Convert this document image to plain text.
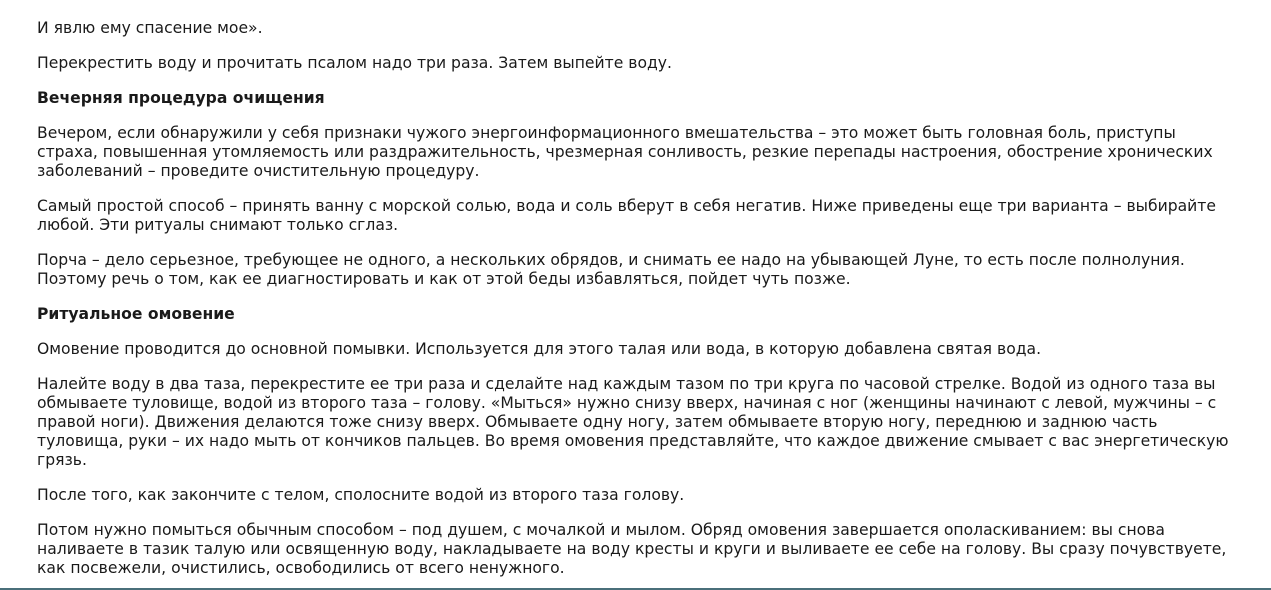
И явлю ему спасение мое».

Перекрестить воду и прочитать псалом надо три раза. Затем выпейте воду.

Вечерняя процедура очищения

Вечером, если обнаружили у себя признаки чужого энергоинформационного вмешательства – это может быть головная боль, приступы страха, повышенная утомляемость или раздражительность, чрезмерная сонливость, резкие перепады настроения, обострение хронических заболеваний – проведите очистительную процедуру.

Самый простой способ – принять ванну с морской солью, вода и соль вберут в себя негатив. Ниже приведены еще три варианта – выбирайте любой. Эти ритуалы снимают только сглаз.

Порча – дело серьезное, требующее не одного, а нескольких обрядов, и снимать ее надо на убывающей Луне, то есть после полнолуния. Поэтому речь о том, как ее диагностировать и как от этой беды избавляться, пойдет чуть позже.

Ритуальное омовение

Омовение проводится до основной помывки. Используется для этого талая или вода, в которую добавлена святая вода.

Налейте воду в два таза, перекрестите ее три раза и сделайте над каждым тазом по три круга по часовой стрелке. Водой из одного таза вы обмываете туловище, водой из второго таза – голову. «Мыться» нужно снизу вверх, начиная с ног (женщины начинают с левой, мужчины – с правой ноги). Движения делаются тоже снизу вверх. Обмываете одну ногу, затем обмываете вторую ногу, переднюю и заднюю часть туловища, руки – их надо мыть от кончиков пальцев. Во время омовения представляйте, что каждое движение смывает с вас энергетическую грязь.

После того, как закончите с телом, сполосните водой из второго таза голову.

Потом нужно помыться обычным способом – под душем, с мочалкой и мылом. Обряд омовения завершается ополаскиванием: вы снова наливаете в тазик талую или освященную воду, накладываете на воду кресты и круги и выливаете ее себе на голову. Вы сразу почувствуете, как посвежели, очистились, освободились от всего ненужного.
